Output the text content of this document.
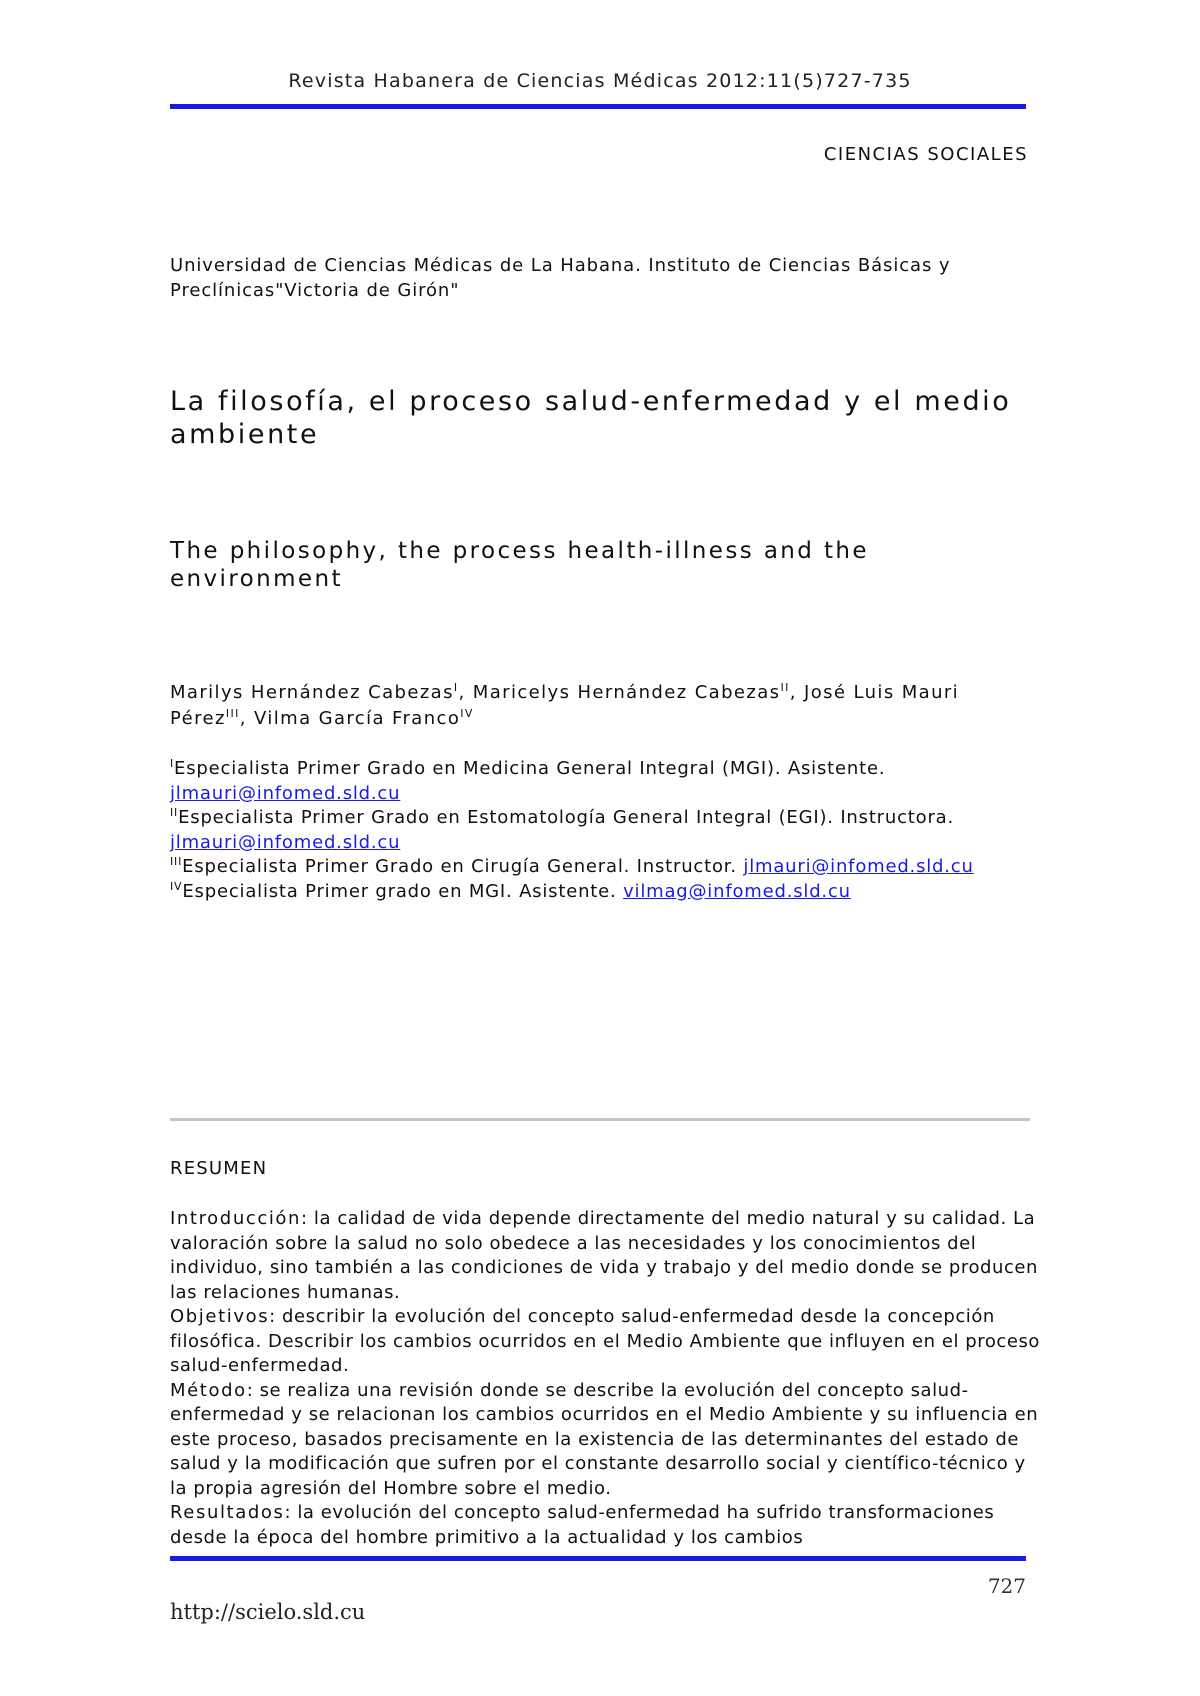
Revista Habanera de Ciencias Médicas 2012:11(5)727-735
CIENCIAS SOCIALES
Universidad de Ciencias Médicas de La Habana. Instituto de Ciencias Básicas y
Preclínicas"Victoria de Girón"
La filosofía, el proceso salud-enfermedad y el medio ambiente
The philosophy, the process health-illness and the environment
Marilys Hernández Cabezas$^I$, Maricelys Hernández Cabezas$^{II}$, José Luis Mauri Pérez$^{III}$, Vilma García Franco$^{IV}$
$^I$Especialista Primer Grado en Medicina General Integral (MGI). Asistente. jlmauri@infomed.sld.cu
$^{II}$Especialista Primer Grado en Estomatología General Integral (EGI). Instructora. jlmauri@infomed.sld.cu
$^{III}$Especialista Primer Grado en Cirugía General. Instructor. jlmauri@infomed.sld.cu
$^{IV}$Especialista Primer grado en MGI. Asistente. vilmag@infomed.sld.cu
RESUMEN

Introducción: la calidad de vida depende directamente del medio natural y su calidad. La valoración sobre la salud no solo obedece a las necesidades y los conocimientos del individuo, sino también a las condiciones de vida y trabajo y del medio donde se producen las relaciones humanas.

Objetivos: describir la evolución del concepto salud-enfermedad desde la concepción filosófica. Describir los cambios ocurridos en el Medio Ambiente que influyen en el proceso salud-enfermedad.

Método: se realiza una revisión donde se describe la evolución del concepto salud-enfermedad y se relacionan los cambios ocurridos en el Medio Ambiente y su influencia en este proceso, basados precisamente en la existencia de las determinantes del estado de salud y la modificación que sufren por el constante desarrollo social y científico-técnico y la propia agresión del Hombre sobre el medio.

Resultados: la evolución del concepto salud-enfermedad ha sufrido transformaciones desde la época del hombre primitivo a la actualidad y los cambios

727
http://scielo.sld.cu
